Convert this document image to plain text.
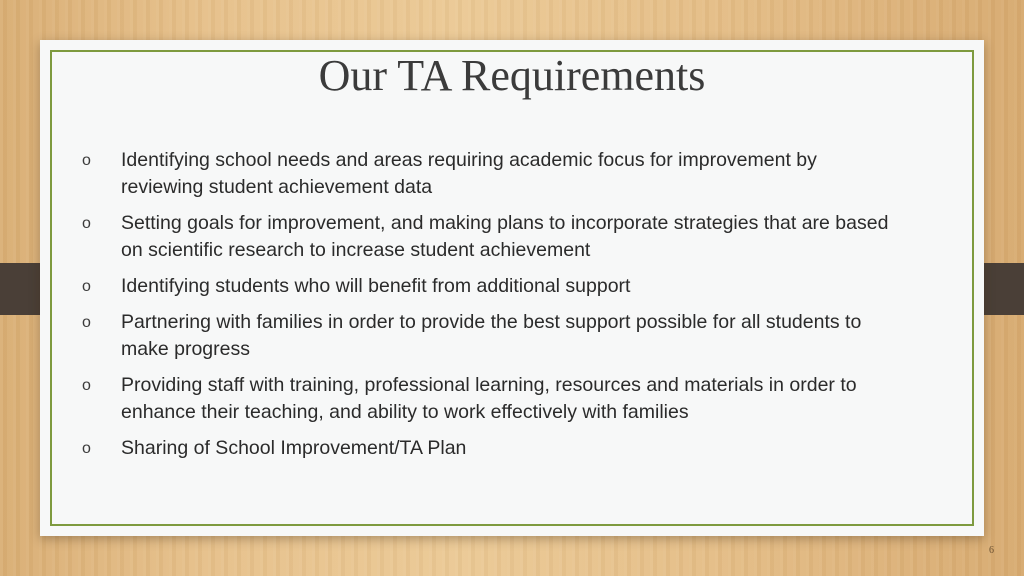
Our TA Requirements
o Identifying school needs and areas requiring academic focus for improvement by reviewing student achievement data
o Setting goals for improvement, and making plans to incorporate strategies that are based on scientific research to increase student achievement
o Identifying students who will benefit from additional support
o Partnering with families in order to provide the best support possible for all students to make progress
o Providing staff with training, professional learning, resources and materials in order to enhance their teaching, and ability to work effectively with families
o Sharing of School Improvement/TA Plan
6
